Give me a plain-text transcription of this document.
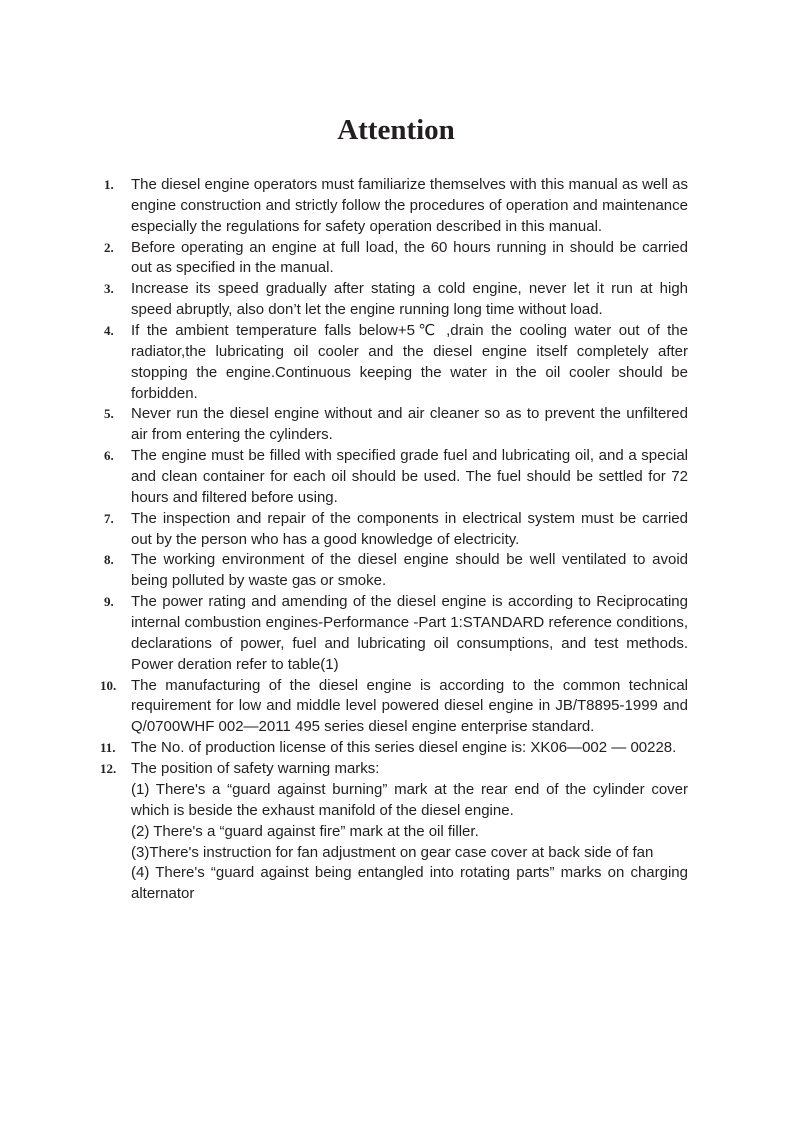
Attention
1. The diesel engine operators must familiarize themselves with this manual as well as engine construction and strictly follow the procedures of operation and maintenance especially the regulations for safety operation described in this manual.
2. Before operating an engine at full load, the 60 hours running in should be carried out as specified in the manual.
3. Increase its speed gradually after stating a cold engine, never let it run at high speed abruptly, also don’t let the engine running long time without load.
4. If the ambient temperature falls below+5℃ ,drain the cooling water out of the radiator,the lubricating oil cooler and the diesel engine itself completely after stopping the engine.Continuous keeping the water in the oil cooler should be forbidden.
5. Never run the diesel engine without and air cleaner so as to prevent the unfiltered air from entering the cylinders.
6. The engine must be filled with specified grade fuel and lubricating oil, and a special and clean container for each oil should be used. The fuel should be settled for 72 hours and filtered before using.
7. The inspection and repair of the components in electrical system must be carried out by the person who has a good knowledge of electricity.
8. The working environment of the diesel engine should be well ventilated to avoid being polluted by waste gas or smoke.
9. The power rating and amending of the diesel engine is according to Reciprocating internal combustion engines-Performance -Part 1:STANDARD reference conditions, declarations of power, fuel and lubricating oil consumptions, and test methods. Power deration refer to table(1)
10. The manufacturing of the diesel engine is according to the common technical requirement for low and middle level powered diesel engine in JB/T8895-1999 and Q/0700WHF 002—2011 495 series diesel engine enterprise standard.
11. The No. of production license of this series diesel engine is: XK06—002 — 00228.
12. The position of safety warning marks:
(1) There's a “guard against burning” mark at the rear end of the cylinder cover which is beside the exhaust manifold of the diesel engine.
(2) There's a “guard against fire” mark at the oil filler.
(3)There's instruction for fan adjustment on gear case cover at back side of fan
(4) There's “guard against being entangled into rotating parts” marks on charging alternator
